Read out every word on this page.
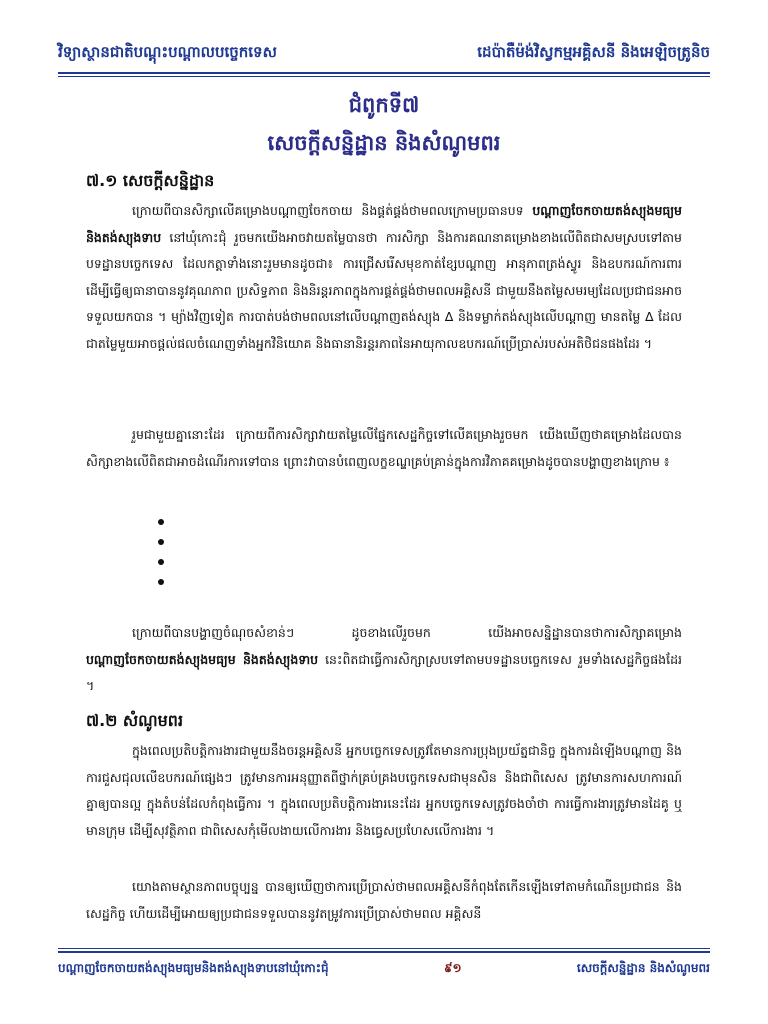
វិទ្យាស្ថានជាតិបណ្តុះបណ្តាលបច្ចេកទេស	ដេប៉ាតឺម៉ង់វិស្វកម្មអគ្គិសនី និងអេឡិចត្រូនិច
ជំពូកទី៧
សេចក្តីសន្និដ្ឋាន និងសំណូមពរ
៧.១ សេចក្តីសន្និដ្ឋាន

ក្រោយពីបានសិក្សាលើគម្រោងបណ្តាញចែកចាយ និងផ្គត់ផ្គង់ថាមពលក្រោមប្រធានបទ បណ្តាញចែកចាយតង់ស្យុងមធ្យម និងតង់ស្យុងទាប នៅឃុំកោះជុំ រួចមកយើងអាចវាយតម្លៃបានថា ការសិក្សា និងការគណនាគម្រោងខាងលើពិតជាសមស្របទៅតាមបទដ្ឋានបច្ចេកទេស ដែលកត្តាទាំងនោះរួមមានដូចជា៖ ការជ្រើសរើសមុខកាត់ខ្សែបណ្តាញ អានុភាពត្រង់ស្វូរ និងឧបករណ៍ការពារ ដើម្បីធ្វើឲ្យធានាបាននូវគុណភាព ប្រសិទ្ធភាព និងនិរន្តរភាពក្នុងការផ្គត់ផ្គង់ថាមពលអគ្គិសនី ជាមួយនឹងតម្លៃសមរម្យដែលប្រជាជនអាចទទួលយកបាន ។ ម្យ៉ាងវិញទៀត ការបាត់បង់ថាមពលនៅលើបណ្តាញតង់ស្យុង ∆ និងទម្លាក់តង់ស្យុងលើបណ្តាញ មានតម្លៃ ∆ ដែលជាតម្លៃមួយអាចផ្តល់ផលចំណេញទាំងអ្នកវិនិយោគ និងធានានិរន្តរភាពនៃអាយុកាលឧបករណ៍ប្រើប្រាស់របស់អតិថិជនផងដែរ ។

រួមជាមួយគ្នានោះដែរ ក្រោយពីការសិក្សាវាយតម្លៃលើផ្នែកសេដ្ឋកិច្ចទៅលើគម្រោងរួចមក យើងឃើញថាគម្រោងដែលបានសិក្សាខាងលើពិតជាអាចដំណើរការទៅបាន ព្រោះវាបានបំពេញលក្ខខណ្ឌគ្រប់គ្រាន់ក្នុងការវិភាគគម្រោងដូចបានបង្ហាញខាងក្រោម ៖

ក្រោយពីបានបង្ហាញចំណុចសំខាន់ៗ ដូចខាងលើរួចមក យើងអាចសន្និដ្ឋានបានថាការសិក្សាគម្រោង បណ្តាញចែកចាយតង់ស្យុងមធ្យម និងតង់ស្យុងទាប នេះពិតជាធ្វើការសិក្សាស្របទៅតាមបទដ្ឋានបច្ចេកទេស រួមទាំងសេដ្ឋកិច្ចផងដែរ ។

៧.២ សំណូមពរ

ក្នុងពេលប្រតិបត្តិការងារជាមួយនឹងចរន្តអគ្គិសនី អ្នកបច្ចេកទេសត្រូវតែមានការប្រុងប្រយ័ត្នជានិច្ច ក្នុងការដំឡើងបណ្តាញ និងការជួសជុលលើឧបករណ៍ផ្សេងៗ ត្រូវមានការអនុញ្ញាតពីថ្នាក់គ្រប់គ្រងបច្ចេកទេសជាមុនសិន និងជាពិសេស ត្រូវមានការសហការណ៍គ្នាឲ្យបានល្អ ក្នុងតំបន់ដែលកំពុងធ្វើការ ។ ក្នុងពេលប្រតិបត្តិការងារនេះដែរ អ្នកបច្ចេកទេសត្រូវចងចាំថា ការធ្វើការងារត្រូវមានដៃគូ ឬមានក្រុម ដើម្បីសុវត្ថិភាព ជាពិសេសកុំមើលងាយលើការងារ និងធ្វេសប្រហែសលើការងារ ។

យោងតាមស្ថានភាពបច្ចុប្បន្ន បានឲ្យឃើញថាការប្រើប្រាស់ថាមពលអគ្គិសនីកំពុងតែកើនឡើងទៅតាមកំណើនប្រជាជន និងសេដ្ឋកិច្ច ហើយដើម្បីអោយឲ្យប្រជាជនទទួលបាននូវតម្រូវការប្រើប្រាស់ថាមពល អគ្គិសនី

បណ្តាញចែកចាយតង់ស្យុងមធ្យមនិងតង់ស្យុងទាបនៅឃុំកោះជុំ	៩១	សេចក្តីសន្និដ្ឋាន និងសំណូមពរ
